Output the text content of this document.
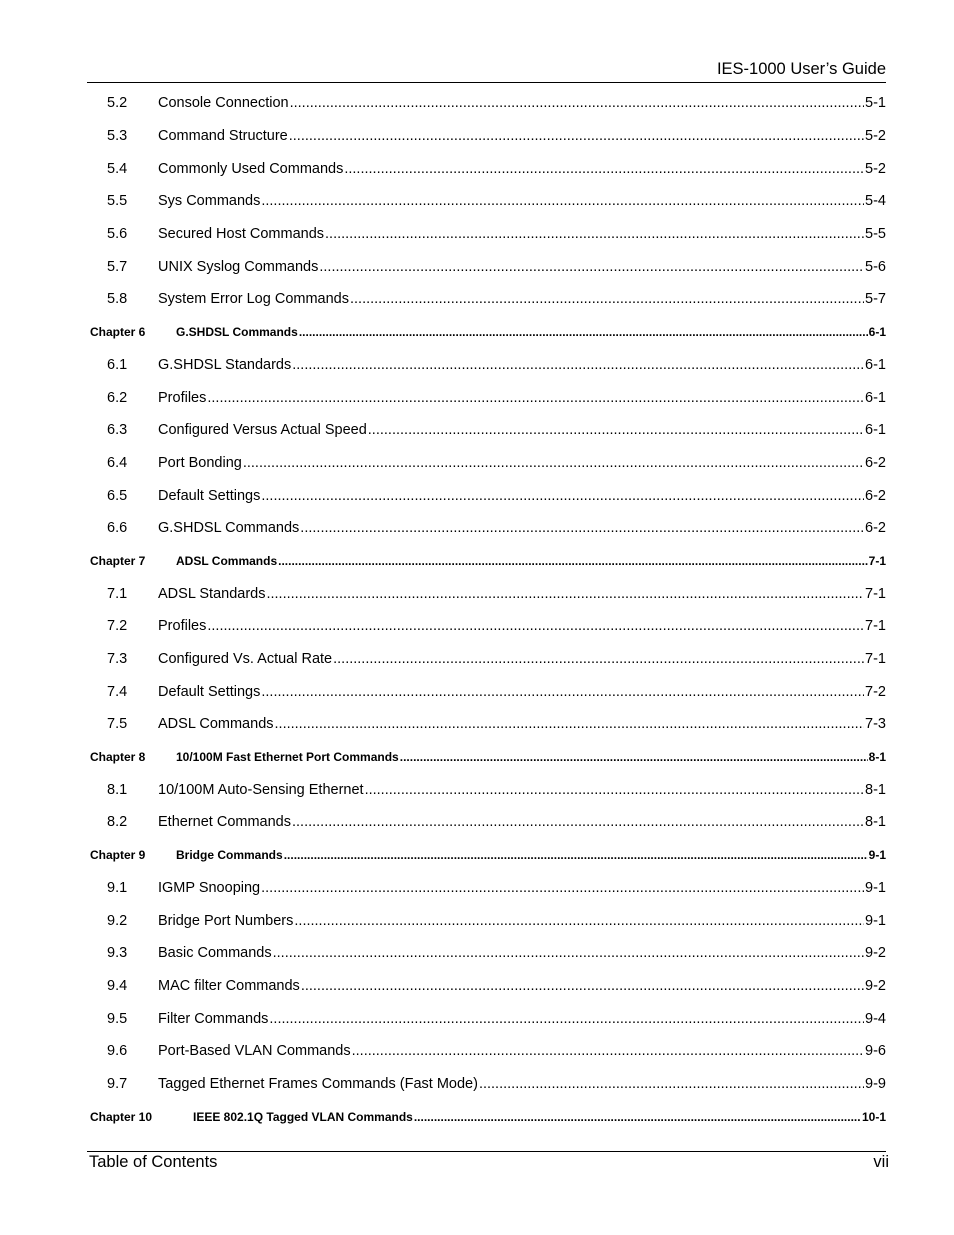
IES-1000 User’s Guide
5.2 Console Connection .....	5-1
5.3 Command Structure .....	5-2
5.4 Commonly Used Commands .....	5-2
5.5 Sys Commands .....	5-4
5.6 Secured Host Commands .....	5-5
5.7 UNIX Syslog Commands .....	5-6
5.8 System Error Log Commands .....	5-7
Chapter 6	G.SHDSL Commands .....	6-1
6.1 G.SHDSL Standards .....	6-1
6.2 Profiles .....	6-1
6.3 Configured Versus Actual Speed .....	6-1
6.4 Port Bonding .....	6-2
6.5 Default Settings .....	6-2
6.6 G.SHDSL Commands .....	6-2
Chapter 7	ADSL Commands .....	7-1
7.1 ADSL Standards .....	7-1
7.2 Profiles .....	7-1
7.3 Configured Vs. Actual Rate .....	7-1
7.4 Default Settings .....	7-2
7.5 ADSL Commands .....	7-3
Chapter 8	10/100M Fast Ethernet Port Commands .....	8-1
8.1 10/100M Auto-Sensing Ethernet .....	8-1
8.2 Ethernet Commands .....	8-1
Chapter 9	Bridge Commands .....	9-1
9.1 IGMP Snooping .....	9-1
9.2 Bridge Port Numbers .....	9-1
9.3 Basic Commands .....	9-2
9.4 MAC filter Commands .....	9-2
9.5 Filter Commands .....	9-4
9.6 Port-Based VLAN Commands .....	9-6
9.7 Tagged Ethernet Frames Commands (Fast Mode) .....	9-9
Chapter 10	IEEE 802.1Q Tagged VLAN Commands .....	10-1
Table of Contents	vii
